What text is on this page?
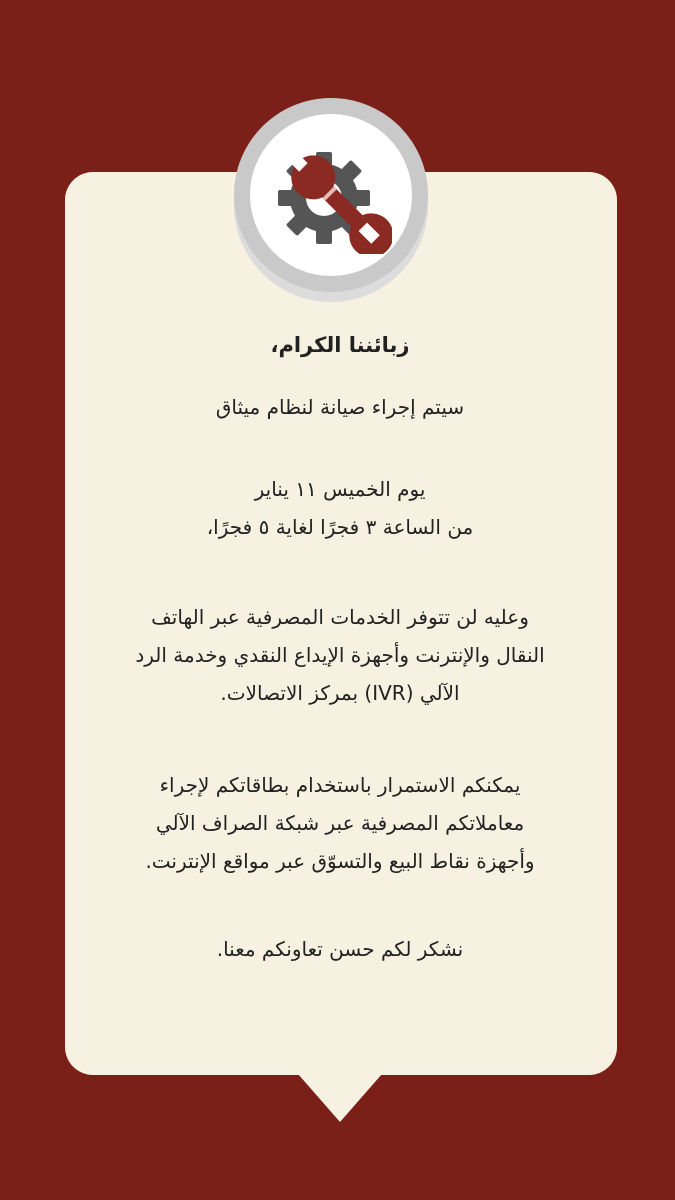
زبائننا الكرام،

سيتم إجراء صيانة لنظام ميثاق

يوم الخميس ١١ يناير
من الساعة ٣ فجرًا لغاية ٥ فجرًا،

وعليه لن تتوفر الخدمات المصرفية عبر الهاتف
النقال والإنترنت وأجهزة الإيداع النقدي وخدمة الرد
الآلي (IVR) بمركز الاتصالات.

يمكنكم الاستمرار باستخدام بطاقاتكم لإجراء
معاملاتكم المصرفية عبر شبكة الصراف الآلي
وأجهزة نقاط البيع والتسوّق عبر مواقع الإنترنت.

نشكر لكم حسن تعاونكم معنا.
